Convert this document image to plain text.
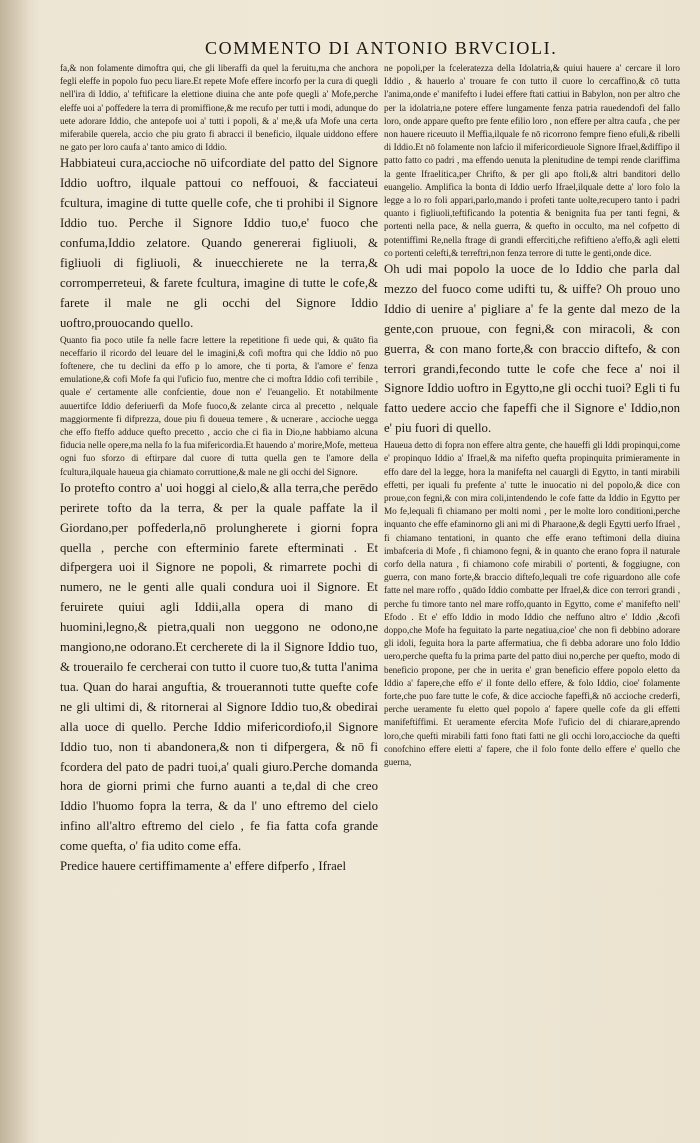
COMMENTO DI ANTONIO BRVCIOLI.

fa,& non folamente dimoftra qui, che gli liberaffi da quel la feruitu,ma che anchora fegli eleffe in popolo fuo pecu liare.Et repete Mofe effere incorfo per la cura di quegli nell'ira di Iddio, a' teftificare la elettione diuina che ante pofe quegli a' Mofe,perche eleffe uoi a' poffedere la terra di promiffione,& me recufo per tutti i modi, adunque do uete adorare Iddio, che antepofe uoi a' tutti i popoli, & a' me,& ufa Mofe una certa miferabile querela, accio che piu grato fi abracci il beneficio, ilquale uiddono effere ne gato per loro caufa a' tanto amico di Iddio.

Habbiateui cura,accioche nō uifcordiate del patto del Signore Iddio uoftro, ilquale pattoui co neffouoi, & facciateui fcultura, imagine di tutte quelle cofe, che ti prohibi il Signore Iddio tuo. Perche il Signore Iddio tuo,e' fuoco che confuma,Iddio zelatore. Quando genererai figliuoli, & figliuoli di figliuoli, & inuecchierete ne la terra,& corromperreteui, & farete fcultura, imagine di tutte le cofe,& farete il male ne gli occhi del Signore Iddio uoftro,prouocando quello.

Quanto fia poco utile fa nelle facre lettere la repetitione fi uede qui, & quāto fia neceffario il ricordo del leuare del le imagini,& cofi moftra qui che Iddio nō puo foftenere, che tu declini da effo p lo amore, che ti porta, & l'amore e' fenza emulatione,& cofi Mofe fa qui l'uficio fuo, mentre che ci moftra Iddio cofi terribile , quale e' certamente alle confcientie, doue non e' l'euangelio. Et notabilmente auuertifce Iddio deferiuerfi da Mofe fuoco,& zelante circa al precetto , nelquale maggiormente fi difprezza, doue piu fi doueua temere , & ucnerare , accioche uegga che effo fteffo adduce quefto precetto , accio che ci fia in Dio,ne habbiamo alcuna fiducia nelle opere,ma nella fo la fua mifericordia.Et hauendo a' morire,Mofe, metteua ogni fuo sforzo di eftirpare dal cuore di tutta quella gen te l'amore della fcultura,ilquale haueua gia chiamato corruttione,& male ne gli occhi del Signore.

Io protefto contro a' uoi hoggi al cielo,& alla terra,che perēdo perirete tofto da la terra, & per la quale paffate la il Giordano,per poffederla,nō prolungherete i giorni fopra quella , perche con efterminio farete efterminati . Et difpergera uoi il Signore ne popoli, & rimarrete pochi di numero, ne le genti alle quali condura uoi il Signore. Et feruirete quiui agli Iddii,alla opera di mano di huomini,legno,& pietra,quali non ueggono ne odono,ne mangiono,ne odorano.Et cercherete di la il Signore Iddio tuo, & trouerailo fe cercherai con tutto il cuore tuo,& tutta l'anima tua. Quan do harai anguftia, & trouerannoti tutte quefte cofe ne gli ultimi di, & ritornerai al Signore Iddio tuo,& obedirai alla uoce di quello. Perche Iddio mifericordiofo,il Signore Iddio tuo, non ti abandonera,& non ti difpergera, & nō fi fcordera del pato de padri tuoi,a' quali giuro.Perche domanda hora de giorni primi che furno auanti a te,dal di che creo Iddio l'huomo fopra la terra, & da l' uno eftremo del cielo infino all'altro eftremo del cielo , fe fia fatta cofa grande come quefta, o' fia udito come effa.

Predice hauere certiffimamente a' effere difperfo , Ifrael

ne popoli,per la fceleratezza della Idolatria,& quiui hauere a' cercare il loro Iddio , & hauerlo a' trouare fe con tutto il cuore lo cercaffino,& cō tutta l'anima,onde e' manifefto i Iudei effere ftati cattiui in Babylon, non per altro che per la idolatria,ne potere effere lungamente fenza patria rauedendofi del fallo loro, onde appare quefto pre fente efilio loro , non effere per altra caufa , che per non hauere riceuuto il Meffia,ilquale fe nō ricorrono fempre fieno efuli,& ribelli di Iddio.Et nō folamente non lafcio il mifericordieuole Signore Ifrael,&diffipo il patto fatto co padri , ma effendo uenuta la plenitudine de tempi rende clariffima la gente Ifraelitica,per Chrifto, & per gli apo ftoli,& altri banditori dello euangelio. Amplifica la bonta di Iddio uerfo Ifrael,ilquale dette a' loro folo la legge a lo ro foli appari,parlo,mando i profeti tante uolte,recupero tanto i padri quanto i figliuoli,teftificando la potentia & benignita fua per tanti fegni, & portenti nella pace, & nella guerra, & quefto in occulto, ma nel cofpetto di potentiffimi Re,nella ftrage di grandi efferciti,che refiftieno a'effo,& agli eletti co portenti celefti,& terreftri,non fenza terrore di tutte le genti,onde dice.

Oh udi mai popolo la uoce de lo Iddio che parla dal mezzo del fuoco come udifti tu, & uiffe? Oh prouo uno Iddio di uenire a' pigliare a' fe la gente dal mezo de la gente,con pruoue, con fegni,& con miracoli, & con guerra, & con mano forte,& con braccio diftefo, & con terrori grandi,fecondo tutte le cofe che fece a' noi il Signore Iddio uoftro in Egytto,ne gli occhi tuoi? Egli ti fu fatto uedere accio che fapeffi che il Signore e' Iddio,non e' piu fuori di quello.

Haueua detto di fopra non effere altra gente, che haueffi gli Iddi propinqui,come e' propinquo Iddio a' Ifrael,& ma nifefto quefta propinquita primieramente in effo dare del la legge, hora la manifefta nel cauargli di Egytto, in tanti mirabili effetti, per iquali fu prefente a' tutte le inuocatio ni del popolo,& dice con proue,con fegni,& con mira coli,intendendo le cofe fatte da Iddio in Egytto per Mo fe,lequali fi chiamano per molti nomi , per le molte loro conditioni,perche inquanto che effe efaminorno gli ani mi di Pharaone,& degli Egytti uerfo Ifrael , fi chiamano tentationi, in quanto che effe erano teftimoni della diuina imbafceria di Mofe , fi chiamono fegni, & in quanto che erano fopra il naturale corfo della natura , fi chiamono cofe mirabili o' portenti, & foggiugne, con guerra, con mano forte,& braccio diftefo,lequali tre cofe riguardono alle cofe fatte nel mare roffo , quādo Iddio combatte per Ifrael,& dice con terrori grandi , perche fu timore tanto nel mare roffo,quanto in Egytto, come e' manifefto nell' Efodo . Et e' effo Iddio in modo Iddio che neffuno altro e' Iddio ,&cofi doppo,che Mofe ha feguitato la parte negatiua,cioe' che non fi debbino adorare gli idoli, feguita hora la parte affermatiua, che fi debba adorare uno folo Iddio uero,perche quefta fu la prima parte del patto diui no,perche per quefto, modo di beneficio propone, per che in uerita e' gran beneficio effere popolo eletto da Iddio a' fapere,che effo e' il fonte dello effere, & folo Iddio, cioe' folamente forte,che puo fare tutte le cofe, & dice accioche fapeffi,& nō accioche crederfi, perche ueramente fu eletto quel popolo a' fapere quelle cofe da gli effetti manifeftiffimi. Et ueramente efercita Mofe l'uficio del di chiarare,aprendo loro,che quefti mirabili fatti fono ftati fatti ne gli occhi loro,accioche da quefti conofchino effere eletti a' fapere, che il folo fonte dello effere e' quello che guerna,
